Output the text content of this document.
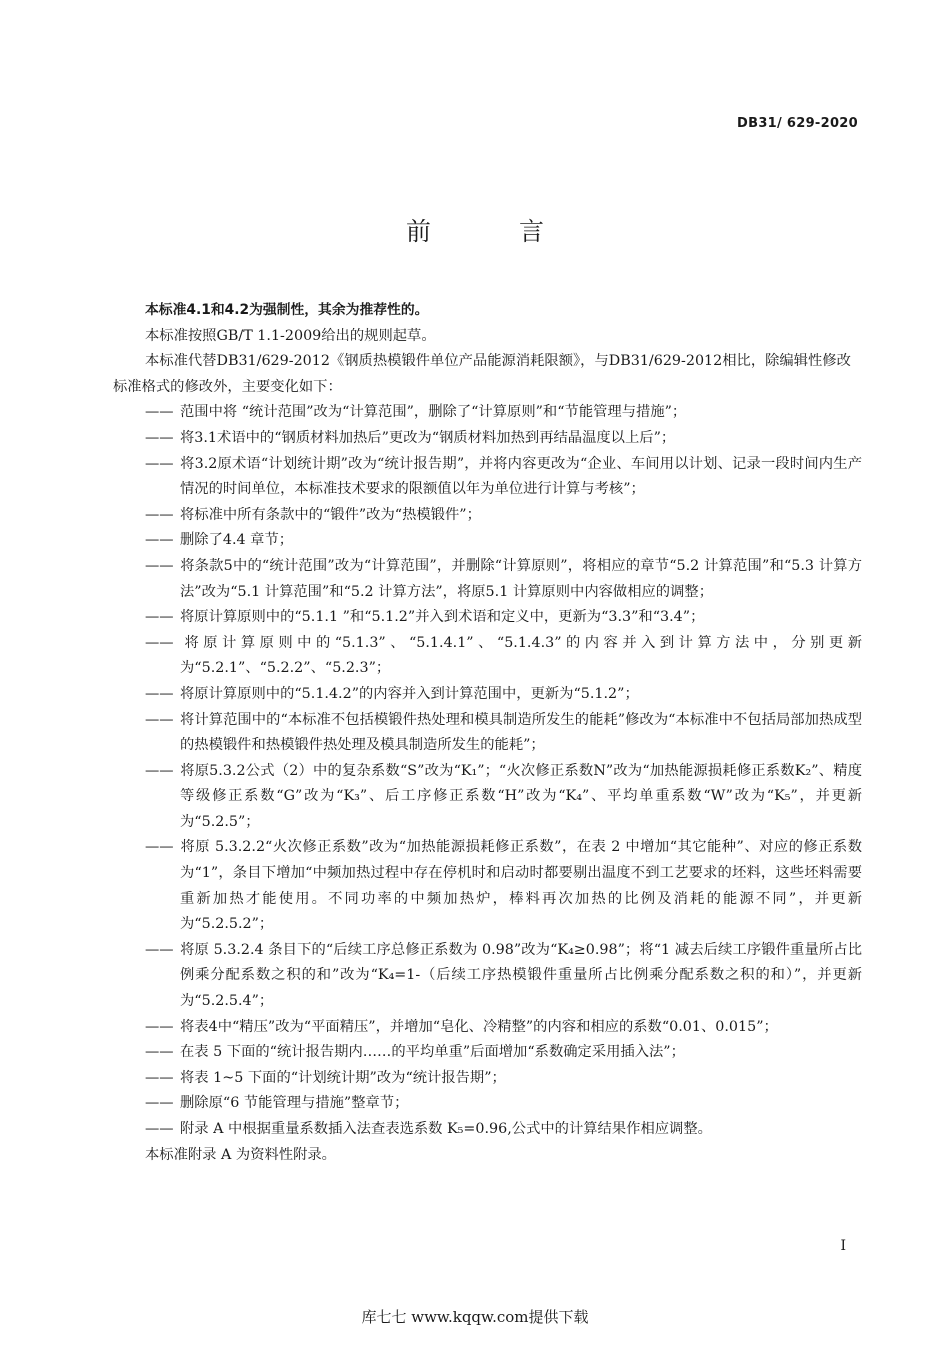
DB31/ 629-2020
前 言

本标准4.1和4.2为强制性，其余为推荐性的。

本标准按照GB/T 1.1-2009给出的规则起草。

本标准代替DB31/629-2012《钢质热模锻件单位产品能源消耗限额》，与DB31/629-2012相比，除编辑性修改标准格式的修改外，主要变化如下：

—— 范围中将 “统计范围”改为“计算范围”，删除了“计算原则”和“节能管理与措施”；

—— 将3.1术语中的“钢质材料加热后”更改为“钢质材料加热到再结晶温度以上后”；

—— 将3.2原术语“计划统计期”改为“统计报告期”，并将内容更改为“企业、车间用以计划、记录一段时间内生产情况的时间单位，本标准技术要求的限额值以年为单位进行计算与考核”；

—— 将标准中所有条款中的“锻件”改为“热模锻件”；

—— 删除了4.4 章节；

—— 将条款5中的“统计范围”改为“计算范围”，并删除“计算原则”，将相应的章节“5.2 计算范围”和“5.3 计算方法”改为“5.1 计算范围”和“5.2 计算方法”，将原5.1 计算原则中内容做相应的调整；

—— 将原计算原则中的“5.1.1 ”和“5.1.2”并入到术语和定义中，更新为“3.3”和“3.4”；

—— 将原计算原则中的“5.1.3”、“5.1.4.1”、“5.1.4.3”的内容并入到计算方法中，分别更新为“5.2.1”、“5.2.2”、“5.2.3”；

—— 将原计算原则中的“5.1.4.2”的内容并入到计算范围中，更新为“5.1.2”；

—— 将计算范围中的“本标准不包括模锻件热处理和模具制造所发生的能耗”修改为“本标准中不包括局部加热成型的热模锻件和热模锻件热处理及模具制造所发生的能耗”；

—— 将原5.3.2公式（2）中的复杂系数“S”改为“K₁”；“火次修正系数N”改为“加热能源损耗修正系数K₂”、精度等级修正系数“G”改为“K₃”、后工序修正系数“H”改为“K₄”、平均单重系数“W”改为“K₅”，并更新为“5.2.5”；

—— 将原 5.3.2.2“火次修正系数”改为“加热能源损耗修正系数”，在表 2 中增加“其它能种”、对应的修正系数为“1”，条目下增加“中频加热过程中存在停机时和启动时都要剔出温度不到工艺要求的坯料，这些坯料需要重新加热才能使用。不同功率的中频加热炉，棒料再次加热的比例及消耗的能源不同”，并更新为“5.2.5.2”；

—— 将原 5.3.2.4 条目下的“后续工序总修正系数为 0.98”改为“K₄≥0.98”；将“1 减去后续工序锻件重量所占比例乘分配系数之积的和”改为“K₄=1-（后续工序热模锻件重量所占比例乘分配系数之积的和）”，并更新为“5.2.5.4”；

—— 将表4中“精压”改为“平面精压”，并增加“皂化、冷精整”的内容和相应的系数“0.01、0.015”；

—— 在表 5 下面的“统计报告期内……的平均单重”后面增加“系数确定采用插入法”；

—— 将表 1~5 下面的“计划统计期”改为“统计报告期”；

—— 删除原“6 节能管理与措施”整章节；

—— 附录 A 中根据重量系数插入法查表选系数 K₅=0.96,公式中的计算结果作相应调整。

本标准附录 A 为资料性附录。

I
库七七 www.kqqw.com提供下载
